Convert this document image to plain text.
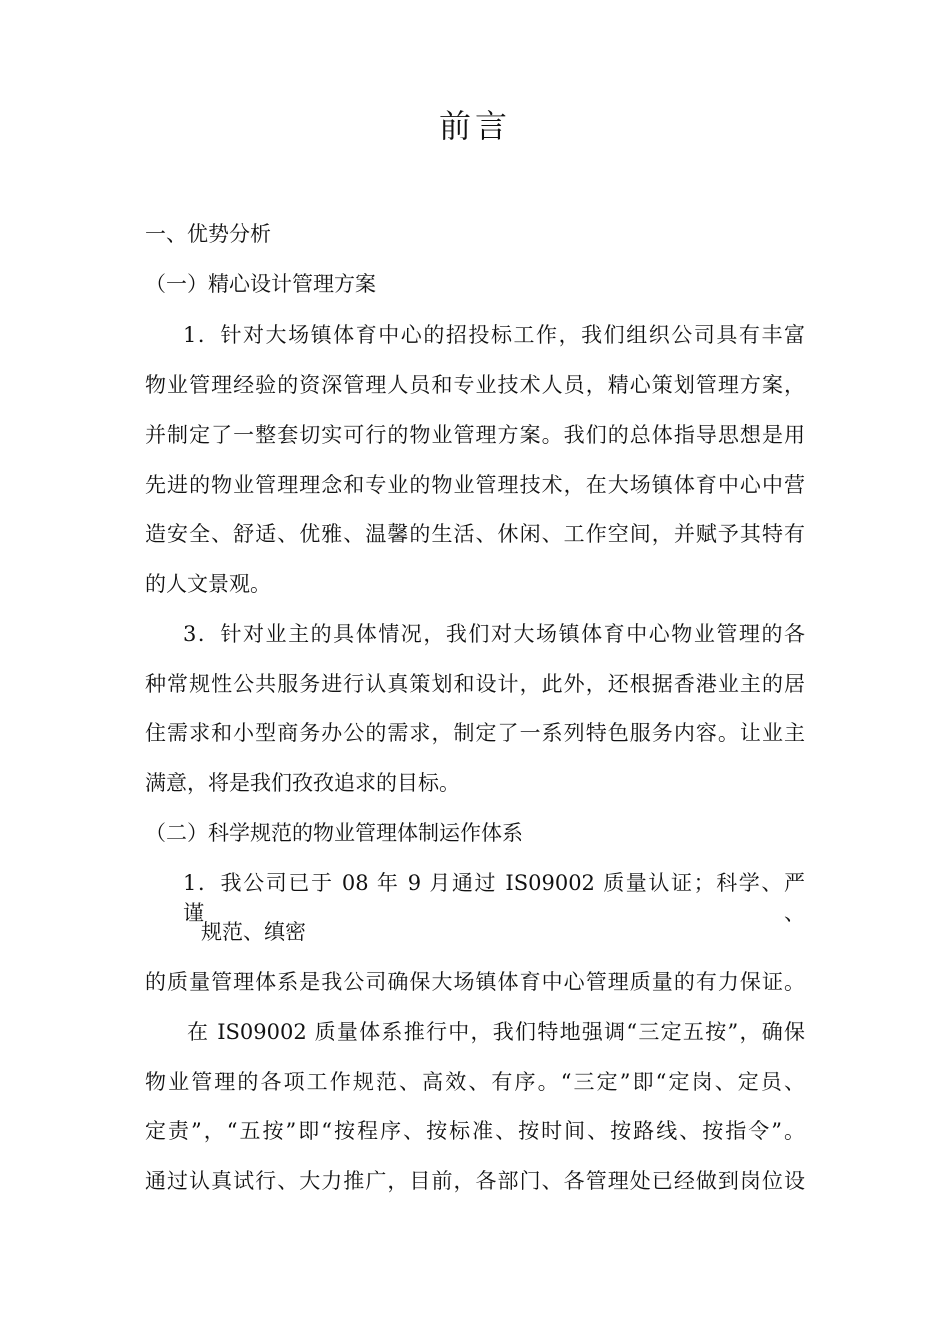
前言
一、优势分析
（一）精心设计管理方案
1．针对大场镇体育中心的招投标工作，我们组织公司具有丰富
物业管理经验的资深管理人员和专业技术人员，精心策划管理方案，
并制定了一整套切实可行的物业管理方案。我们的总体指导思想是用
先进的物业管理理念和专业的物业管理技术，在大场镇体育中心中营
造安全、舒适、优雅、温馨的生活、休闲、工作空间，并赋予其特有
的人文景观。
3．针对业主的具体情况，我们对大场镇体育中心物业管理的各
种常规性公共服务进行认真策划和设计，此外，还根据香港业主的居
住需求和小型商务办公的需求，制定了一系列特色服务内容。让业主
满意，将是我们孜孜追求的目标。
（二）科学规范的物业管理体制运作体系
1．我公司已于 08 年 9 月通过 IS09002 质量认证；科学、严谨、
规范、缜密
的质量管理体系是我公司确保大场镇体育中心管理质量的有力保证。
在 IS09002 质量体系推行中，我们特地强调“三定五按”，确保
物业管理的各项工作规范、高效、有序。“三定”即“定岗、定员、
定责”，“五按”即“按程序、按标准、按时间、按路线、按指令”。
通过认真试行、大力推广，目前，各部门、各管理处已经做到岗位设
